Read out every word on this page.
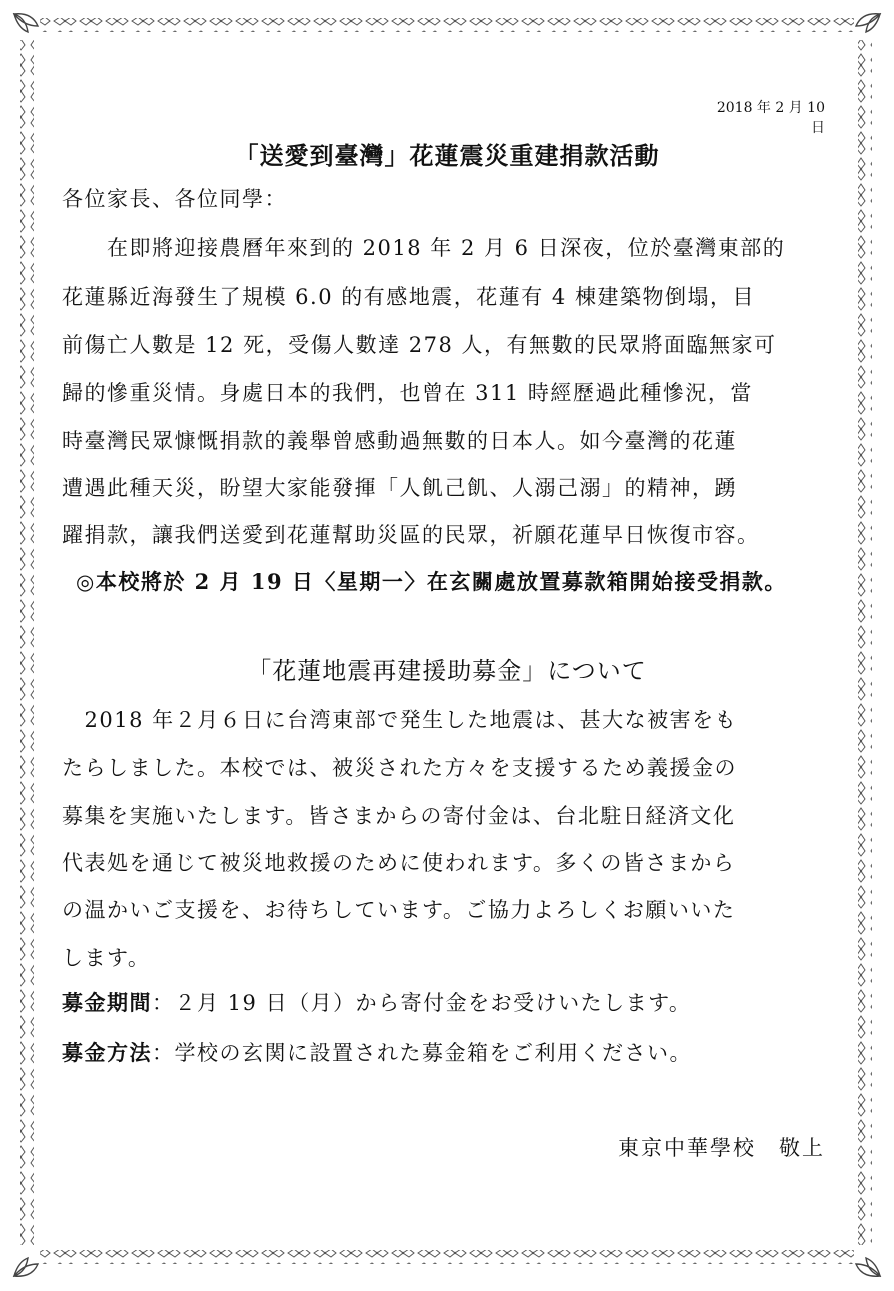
2018 年 2 月 10 日
「送愛到臺灣」花蓮震災重建捐款活動
各位家長、各位同學：
　　在即將迎接農曆年來到的 2018 年 2 月 6 日深夜，位於臺灣東部的
花蓮縣近海發生了規模 6.0 的有感地震，花蓮有 4 棟建築物倒塌，目
前傷亡人數是 12 死，受傷人數達 278 人，有無數的民眾將面臨無家可
歸的慘重災情。身處日本的我們，也曾在 311 時經歷過此種慘況，當
時臺灣民眾慷慨捐款的義舉曾感動過無數的日本人。如今臺灣的花蓮
遭遇此種天災，盼望大家能發揮「人飢己飢、人溺己溺」的精神，踴
躍捐款，讓我們送愛到花蓮幫助災區的民眾，祈願花蓮早日恢復市容。
◎本校將於 2 月 19 日〈星期一〉在玄關處放置募款箱開始接受捐款。
「花蓮地震再建援助募金」について
　2018 年２月６日に台湾東部で発生した地震は、甚大な被害をも
たらしました。本校では、被災された方々を支援するため義援金の
募集を実施いたします。皆さまからの寄付金は、台北駐日経済文化
代表処を通じて被災地救援のために使われます。多くの皆さまから
の温かいご支援を、お待ちしています。ご協力よろしくお願いいた
します。
募金期間：２月 19 日（月）から寄付金をお受けいたします。
募金方法：学校の玄関に設置された募金箱をご利用ください。
東京中華學校　敬上
